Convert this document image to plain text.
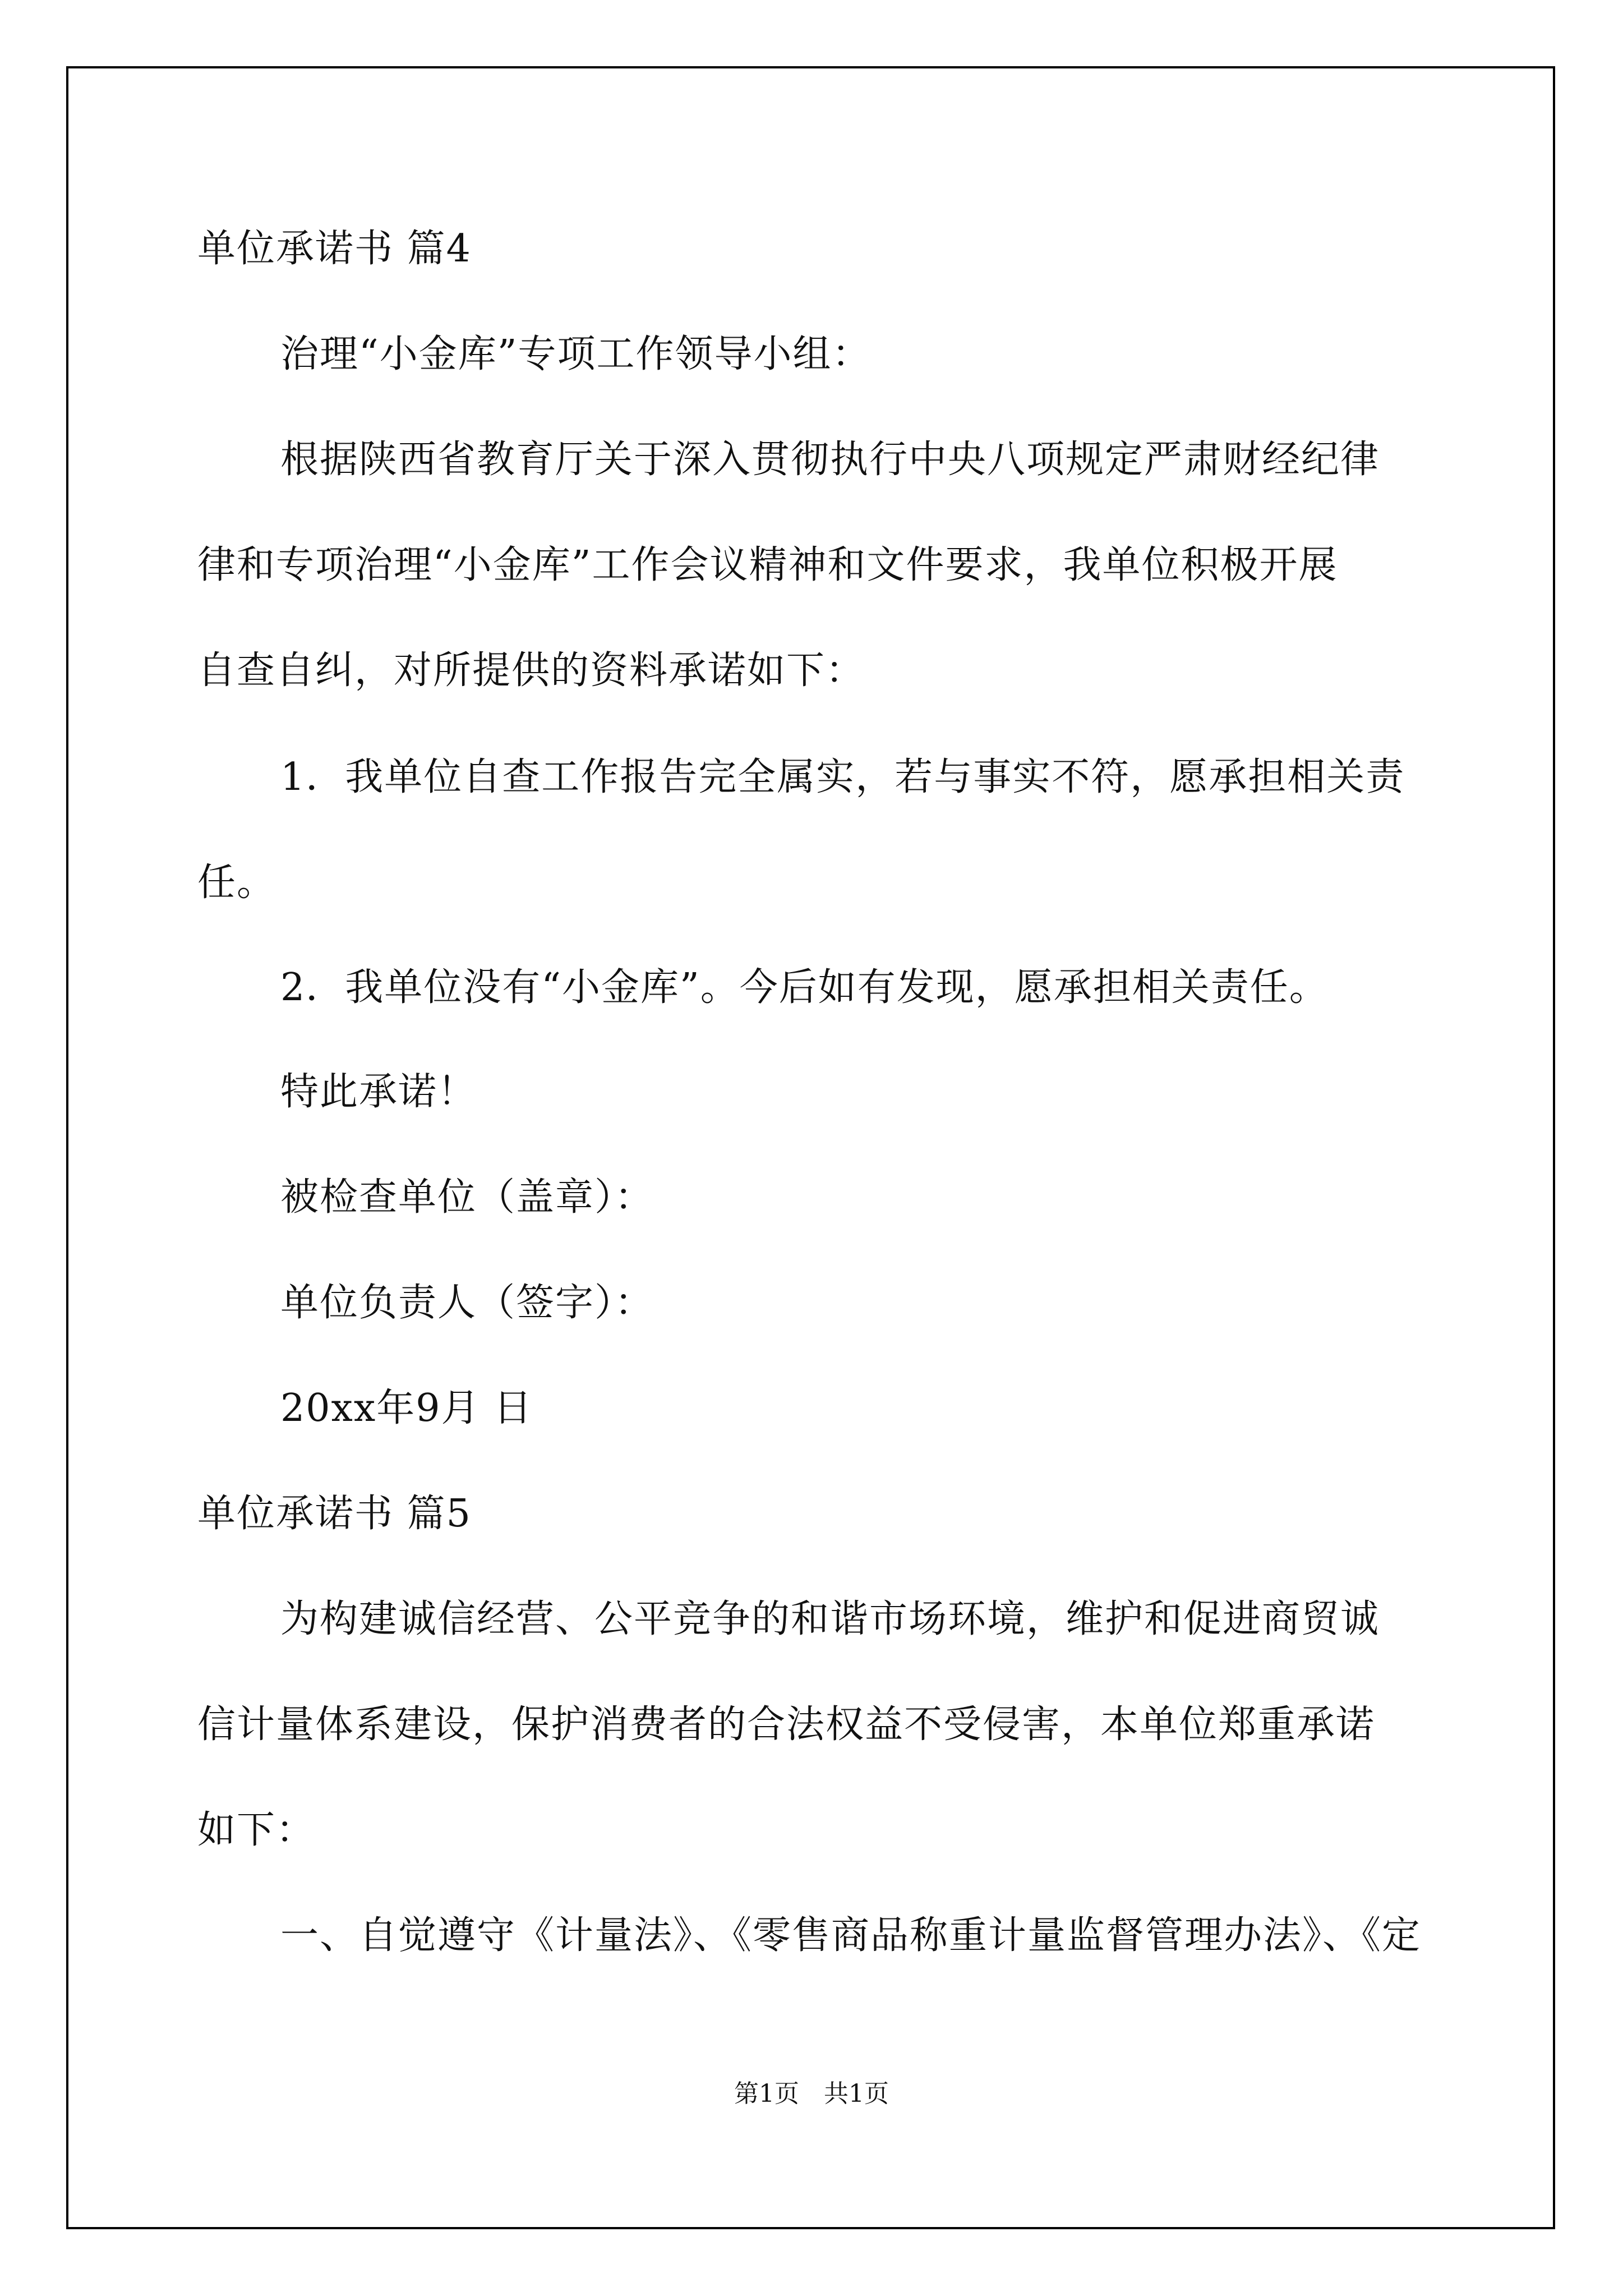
单位承诺书 篇4
治理“小金库”专项工作领导小组：
根据陕西省教育厅关于深入贯彻执行中央八项规定严肃财经纪律
律和专项治理“小金库”工作会议精神和文件要求，我单位积极开展
自查自纠，对所提供的资料承诺如下：
1．我单位自查工作报告完全属实，若与事实不符，愿承担相关责
任。
2．我单位没有“小金库”。今后如有发现，愿承担相关责任。
特此承诺！
被检查单位（盖章）：
单位负责人（签字）：
20xx年9月 日
单位承诺书 篇5
为构建诚信经营、公平竞争的和谐市场环境，维护和促进商贸诚
信计量体系建设，保护消费者的合法权益不受侵害，本单位郑重承诺
如下：
一、自觉遵守《计量法》、《零售商品称重计量监督管理办法》、《定
第1页　共1页
